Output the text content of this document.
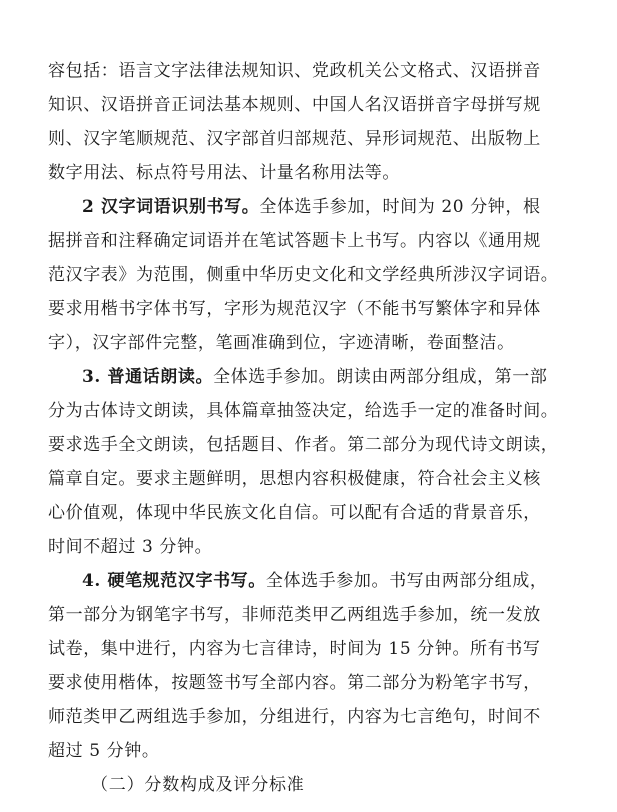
容包括：语言文字法律法规知识、党政机关公文格式、汉语拼音
知识、汉语拼音正词法基本规则、中国人名汉语拼音字母拼写规
则、汉字笔顺规范、汉字部首归部规范、异形词规范、出版物上
数字用法、标点符号用法、计量名称用法等。
2 汉字词语识别书写。全体选手参加，时间为 20 分钟，根
据拼音和注释确定词语并在笔试答题卡上书写。内容以《通用规
范汉字表》为范围，侧重中华历史文化和文学经典所涉汉字词语。
要求用楷书字体书写，字形为规范汉字（不能书写繁体字和异体
字），汉字部件完整，笔画准确到位，字迹清晰，卷面整洁。
3. 普通话朗读。全体选手参加。朗读由两部分组成，第一部
分为古体诗文朗读，具体篇章抽签决定，给选手一定的准备时间。
要求选手全文朗读，包括题目、作者。第二部分为现代诗文朗读，
篇章自定。要求主题鲜明，思想内容积极健康，符合社会主义核
心价值观，体现中华民族文化自信。可以配有合适的背景音乐，
时间不超过 3 分钟。
4. 硬笔规范汉字书写。全体选手参加。书写由两部分组成，
第一部分为钢笔字书写，非师范类甲乙两组选手参加，统一发放
试卷，集中进行，内容为七言律诗，时间为 15 分钟。所有书写
要求使用楷体，按题签书写全部内容。第二部分为粉笔字书写，
师范类甲乙两组选手参加，分组进行，内容为七言绝句，时间不
超过 5 分钟。
（二）分数构成及评分标准
